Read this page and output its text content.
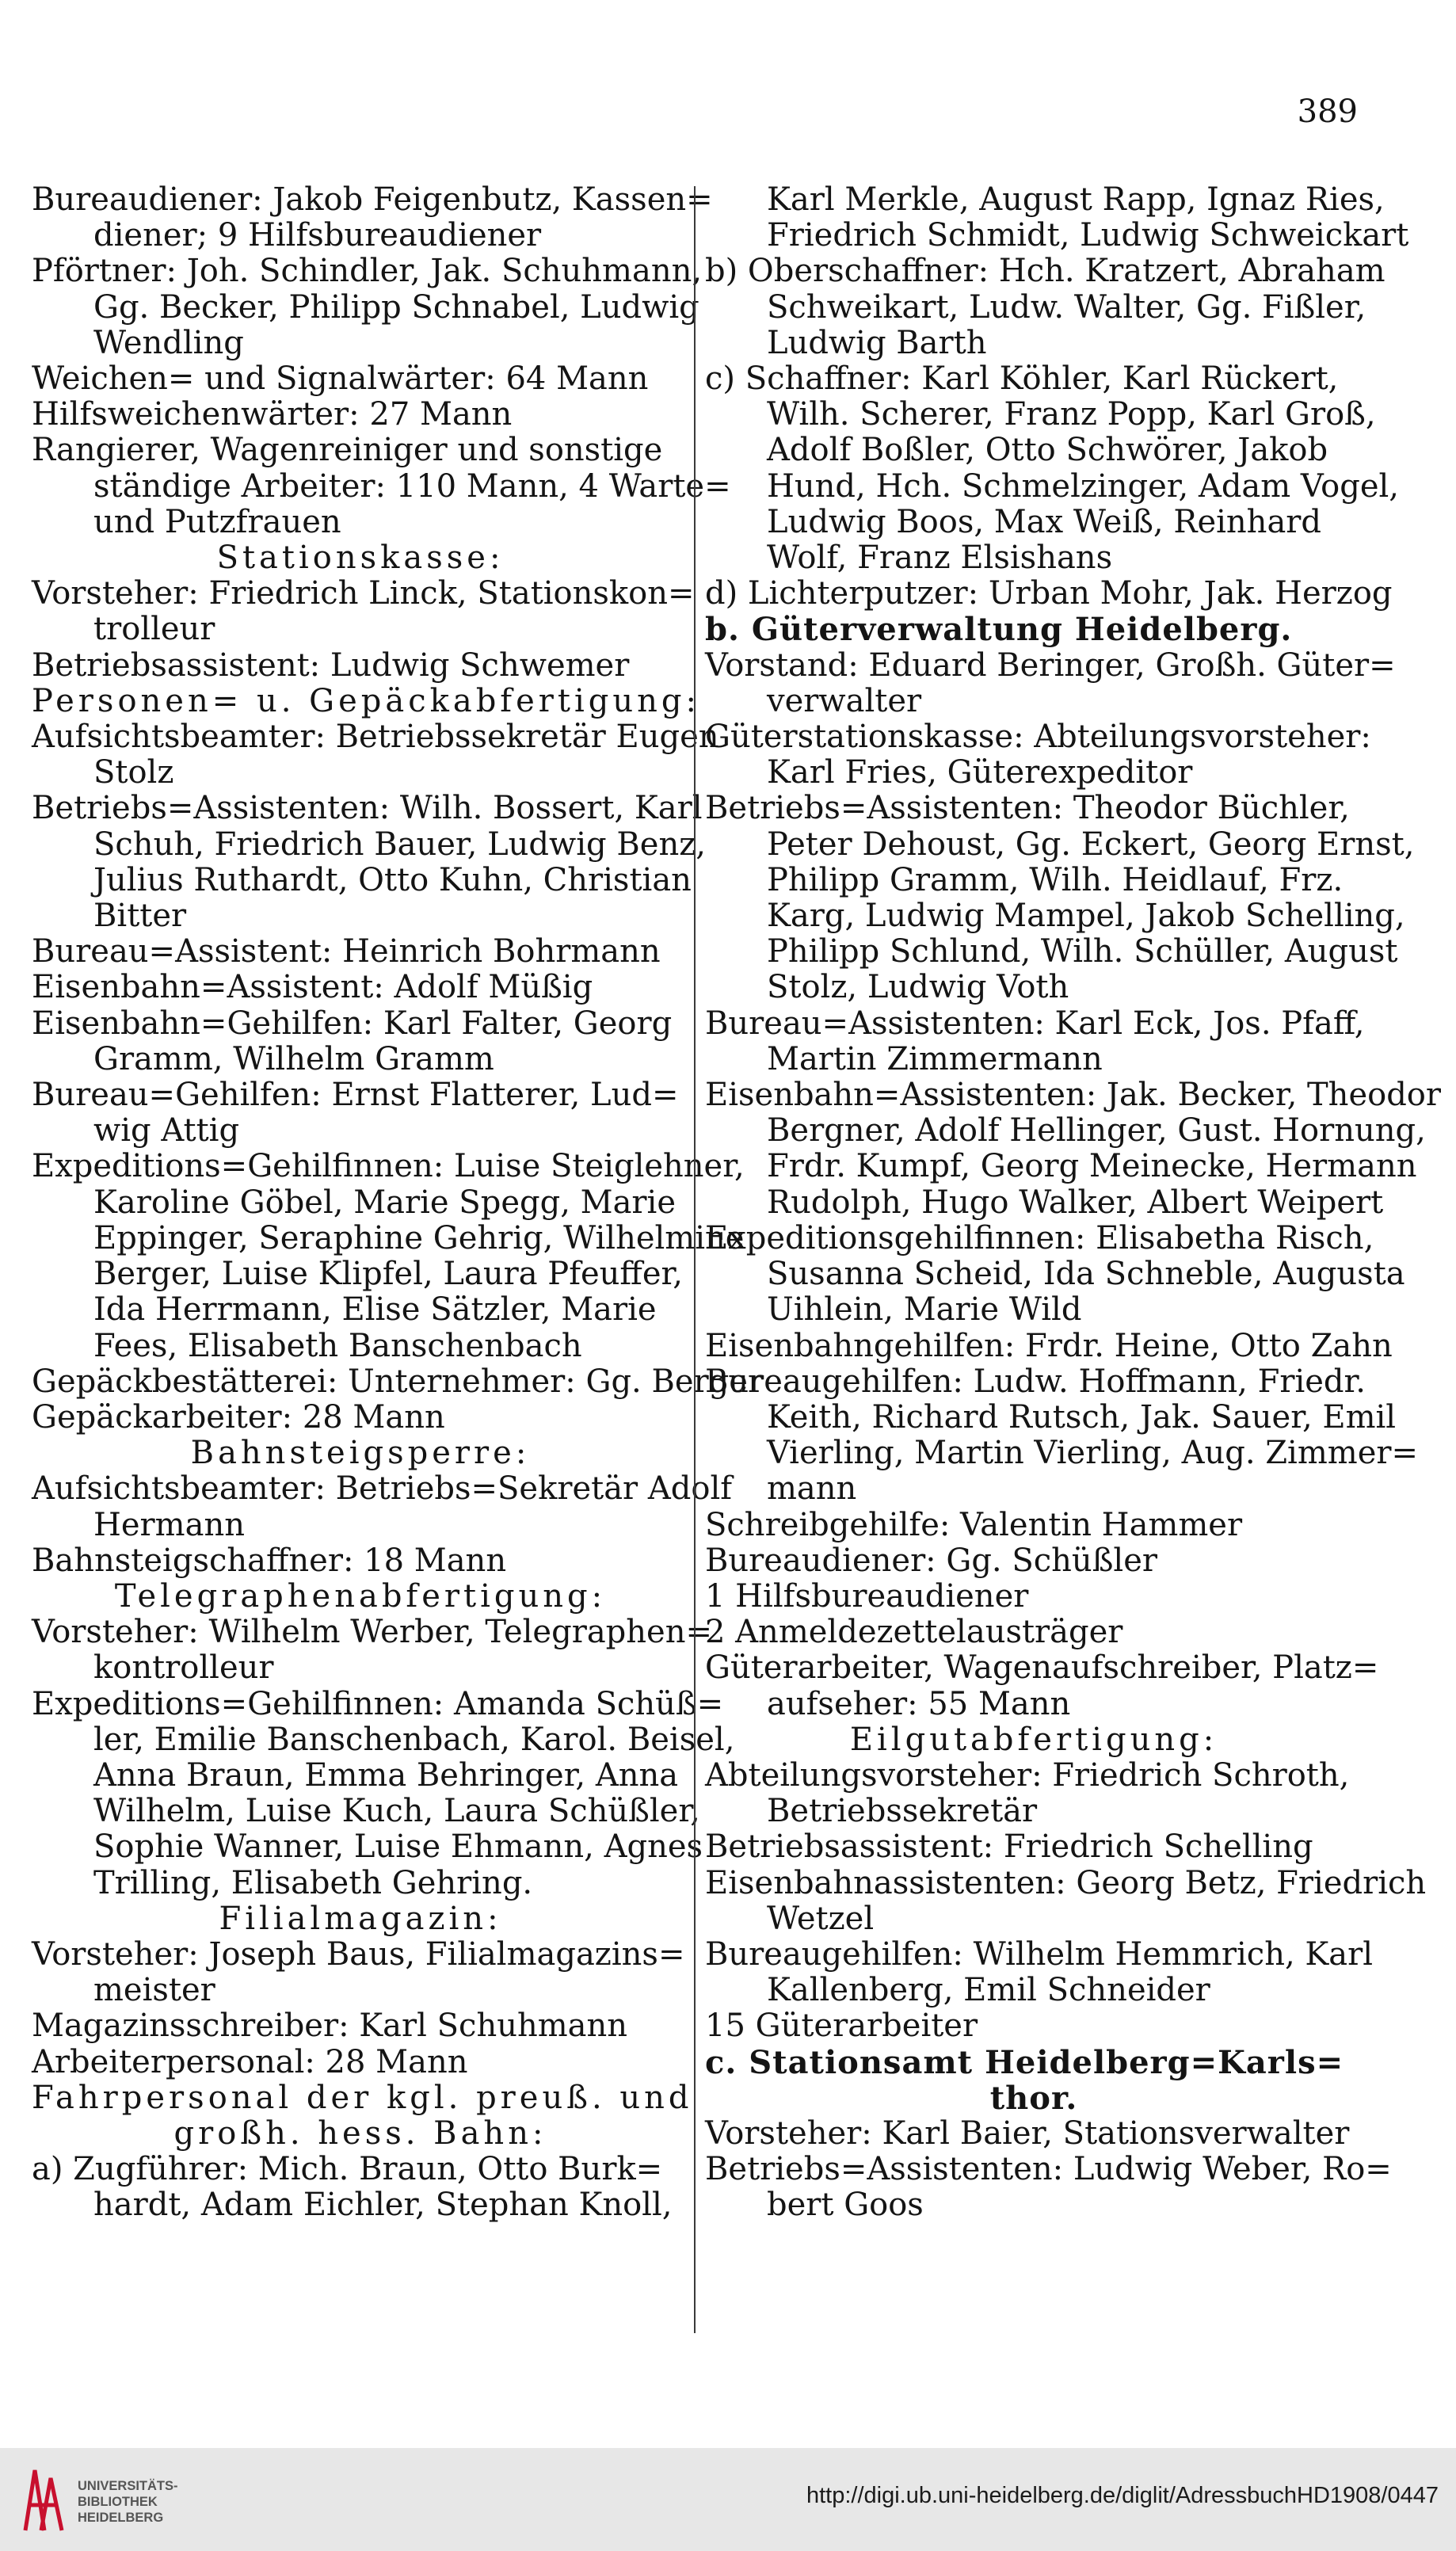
389
Bureaudiener: Jakob Feigenbutz, Kassen=
diener; 9 Hilfsbureaudiener
Pförtner: Joh. Schindler, Jak. Schuhmann,
Gg. Becker, Philipp Schnabel, Ludwig
Wendling
Weichen= und Signalwärter: 64 Mann
Hilfsweichenwärter: 27 Mann
Rangierer, Wagenreiniger und sonstige
ständige Arbeiter: 110 Mann, 4 Warte=
und Putzfrauen
Stationskasse:
Vorsteher: Friedrich Linck, Stationskon=
trolleur
Betriebsassistent: Ludwig Schwemer
Personen= u. Gepäckabfertigung:
Aufsichtsbeamter: Betriebssekretär Eugen
Stolz
Betriebs=Assistenten: Wilh. Bossert, Karl
Schuh, Friedrich Bauer, Ludwig Benz,
Julius Ruthardt, Otto Kuhn, Christian
Bitter
Bureau=Assistent: Heinrich Bohrmann
Eisenbahn=Assistent: Adolf Müßig
Eisenbahn=Gehilfen: Karl Falter, Georg
Gramm, Wilhelm Gramm
Bureau=Gehilfen: Ernst Flatterer, Lud=
wig Attig
Expeditions=Gehilfinnen: Luise Steiglehner,
Karoline Göbel, Marie Spegg, Marie
Eppinger, Seraphine Gehrig, Wilhelmine
Berger, Luise Klipfel, Laura Pfeuffer,
Ida Herrmann, Elise Sätzler, Marie
Fees, Elisabeth Banschenbach
Gepäckbestätterei: Unternehmer: Gg. Berger
Gepäckarbeiter: 28 Mann
Bahnsteigsperre:
Aufsichtsbeamter: Betriebs=Sekretär Adolf
Hermann
Bahnsteigschaffner: 18 Mann
Telegraphenabfertigung:
Vorsteher: Wilhelm Werber, Telegraphen=
kontrolleur
Expeditions=Gehilfinnen: Amanda Schüß=
ler, Emilie Banschenbach, Karol. Beisel,
Anna Braun, Emma Behringer, Anna
Wilhelm, Luise Kuch, Laura Schüßler,
Sophie Wanner, Luise Ehmann, Agnes
Trilling, Elisabeth Gehring.
Filialmagazin:
Vorsteher: Joseph Baus, Filialmagazins=
meister
Magazinsschreiber: Karl Schuhmann
Arbeiterpersonal: 28 Mann
Fahrpersonal der kgl. preuß. und
großh. hess. Bahn:
a) Zugführer: Mich. Braun, Otto Burk=
hardt, Adam Eichler, Stephan Knoll,
Karl Merkle, August Rapp, Ignaz Ries,
Friedrich Schmidt, Ludwig Schweickart
b) Oberschaffner: Hch. Kratzert, Abraham
Schweikart, Ludw. Walter, Gg. Fißler,
Ludwig Barth
c) Schaffner: Karl Köhler, Karl Rückert,
Wilh. Scherer, Franz Popp, Karl Groß,
Adolf Boßler, Otto Schwörer, Jakob
Hund, Hch. Schmelzinger, Adam Vogel,
Ludwig Boos, Max Weiß, Reinhard
Wolf, Franz Elsishans
d) Lichterputzer: Urban Mohr, Jak. Herzog
b. Güterverwaltung Heidelberg.
Vorstand: Eduard Beringer, Großh. Güter=
verwalter
Güterstationskasse: Abteilungsvorsteher:
Karl Fries, Güterexpeditor
Betriebs=Assistenten: Theodor Büchler,
Peter Dehoust, Gg. Eckert, Georg Ernst,
Philipp Gramm, Wilh. Heidlauf, Frz.
Karg, Ludwig Mampel, Jakob Schelling,
Philipp Schlund, Wilh. Schüller, August
Stolz, Ludwig Voth
Bureau=Assistenten: Karl Eck, Jos. Pfaff,
Martin Zimmermann
Eisenbahn=Assistenten: Jak. Becker, Theodor
Bergner, Adolf Hellinger, Gust. Hornung,
Frdr. Kumpf, Georg Meinecke, Hermann
Rudolph, Hugo Walker, Albert Weipert
Expeditionsgehilfinnen: Elisabetha Risch,
Susanna Scheid, Ida Schneble, Augusta
Uihlein, Marie Wild
Eisenbahngehilfen: Frdr. Heine, Otto Zahn
Bureaugehilfen: Ludw. Hoffmann, Friedr.
Keith, Richard Rutsch, Jak. Sauer, Emil
Vierling, Martin Vierling, Aug. Zimmer=
mann
Schreibgehilfe: Valentin Hammer
Bureaudiener: Gg. Schüßler
1 Hilfsbureaudiener
2 Anmeldezettelausträger
Güterarbeiter, Wagenaufschreiber, Platz=
aufseher: 55 Mann
Eilgutabfertigung:
Abteilungsvorsteher: Friedrich Schroth,
Betriebssekretär
Betriebsassistent: Friedrich Schelling
Eisenbahnassistenten: Georg Betz, Friedrich
Wetzel
Bureaugehilfen: Wilhelm Hemmrich, Karl
Kallenberg, Emil Schneider
15 Güterarbeiter
c. Stationsamt Heidelberg=Karls=
thor.
Vorsteher: Karl Baier, Stationsverwalter
Betriebs=Assistenten: Ludwig Weber, Ro=
bert Goos
UNIVERSITÄTS-
BIBLIOTHEK
HEIDELBERG
http://digi.ub.uni-heidelberg.de/diglit/AdressbuchHD1908/0447
